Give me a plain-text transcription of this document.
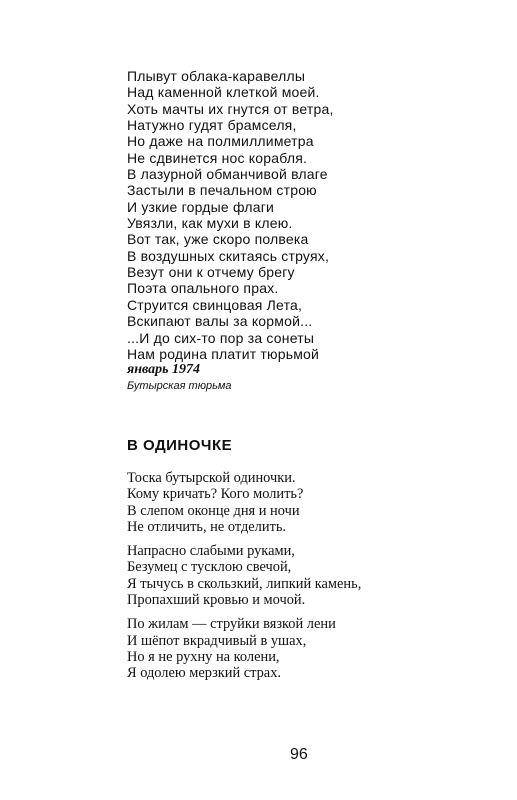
Плывут облака-каравеллы
Над каменной клеткой моей.
Хоть мачты их гнутся от ветра,
Натужно гудят брамселя,
Но даже на полмиллиметра
Не сдвинется нос корабля.
В лазурной обманчивой влаге
Застыли в печальном строю
И узкие гордые флаги
Увязли, как мухи в клею.
Вот так, уже скоро полвека
В воздушных скитаясь струях,
Везут они к отчему брегу
Поэта опального прах.
Струится свинцовая Лета,
Вскипают валы за кормой...
...И до сих-то пор за сонеты
Нам родина платит тюрьмой
январь 1974
Бутырская тюрьма
В ОДИНОЧКЕ
Тоска бутырской одиночки.
Кому кричать? Кого молить?
В слепом оконце дня и ночи
Не отличить, не отделить.
Напрасно слабыми руками,
Безумец с тусклою свечой,
Я тычусь в скользкий, липкий камень,
Пропахший кровью и мочой.
По жилам — струйки вязкой лени
И шёпот вкрадчивый в ушах,
Но я не рухну на колени,
Я одолею мерзкий страх.
96
